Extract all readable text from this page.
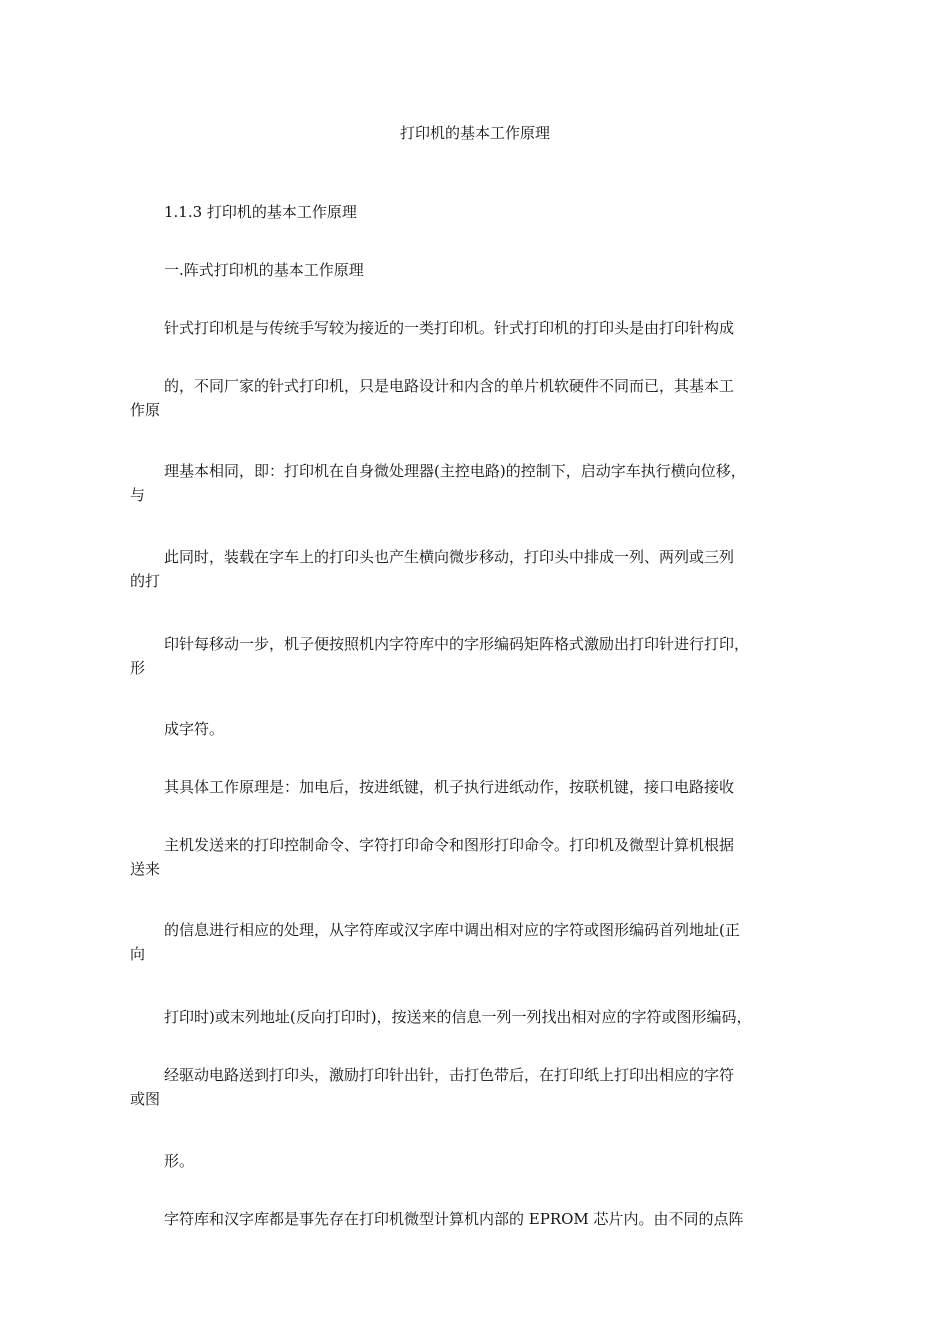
打印机的基本工作原理
1.1.3 打印机的基本工作原理
一.阵式打印机的基本工作原理
针式打印机是与传统手写较为接近的一类打印机。针式打印机的打印头是由打印针构成
的，不同厂家的针式打印机，只是电路设计和内含的单片机软硬件不同而已，其基本工
作原
理基本相同，即：打印机在自身微处理器(主控电路)的控制下，启动字车执行横向位移，
与
此同时，装载在字车上的打印头也产生横向微步移动，打印头中排成一列、两列或三列
的打
印针每移动一步，机子便按照机内字符库中的字形编码矩阵格式激励出打印针进行打印，
形
成字符。
其具体工作原理是：加电后，按进纸键，机子执行进纸动作，按联机键，接口电路接收
主机发送来的打印控制命令、字符打印命令和图形打印命令。打印机及微型计算机根据
送来
的信息进行相应的处理，从字符库或汉字库中调出相对应的字符或图形编码首列地址(正
向
打印时)或末列地址(反向打印时)，按送来的信息一列一列找出相对应的字符或图形编码，
经驱动电路送到打印头，激励打印针出针，击打色带后，在打印纸上打印出相应的字符
或图
形。
字符库和汉字库都是事先存在打印机微型计算机内部的 EPROM 芯片内。由不同的点阵
